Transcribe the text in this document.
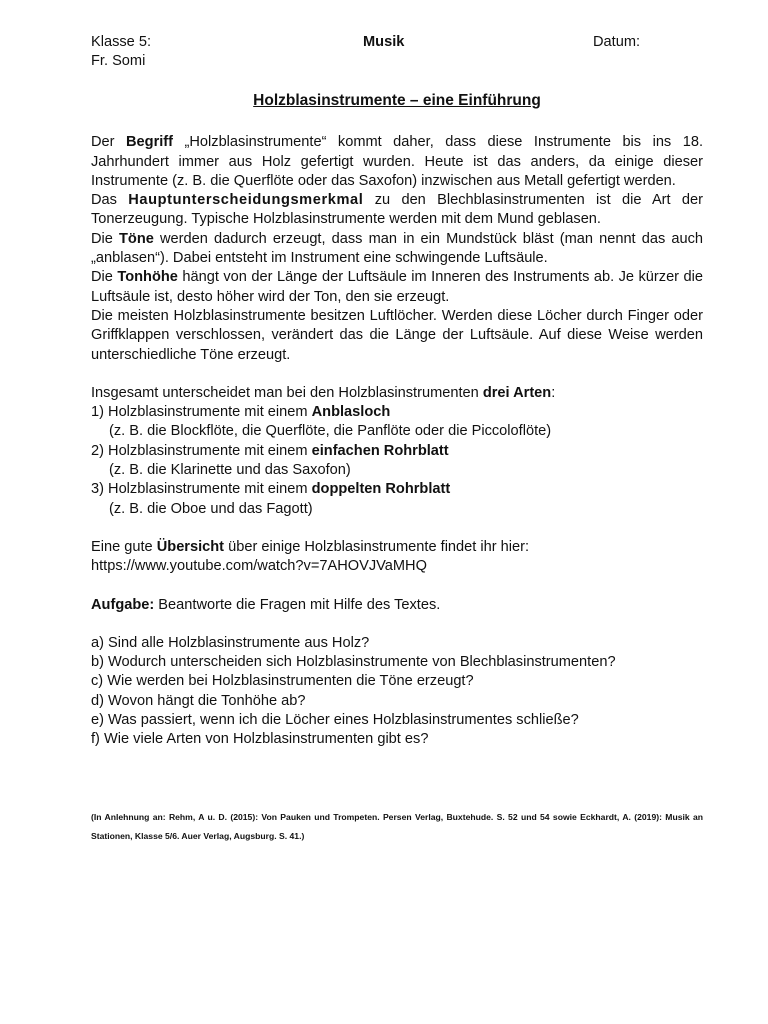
Klasse 5:
Fr. Somi
Musik	Datum:
Holzblasinstrumente – eine Einführung

Der Begriff „Holzblasinstrumente“ kommt daher, dass diese Instrumente bis ins 18. Jahrhundert immer aus Holz gefertigt wurden. Heute ist das anders, da einige dieser Instrumente (z. B. die Querflöte oder das Saxofon) inzwischen aus Metall gefertigt werden.

Das Hauptunterscheidungsmerkmal zu den Blechblasinstrumenten ist die Art der Tonerzeugung. Typische Holzblasinstrumente werden mit dem Mund geblasen.

Die Töne werden dadurch erzeugt, dass man in ein Mundstück bläst (man nennt das auch „anblasen“). Dabei entsteht im Instrument eine schwingende Luftsäule.

Die Tonhöhe hängt von der Länge der Luftsäule im Inneren des Instruments ab. Je kürzer die Luftsäule ist, desto höher wird der Ton, den sie erzeugt.

Die meisten Holzblasinstrumente besitzen Luftlöcher. Werden diese Löcher durch Finger oder Griffklappen verschlossen, verändert das die Länge der Luftsäule. Auf diese Weise werden unterschiedliche Töne erzeugt.

Insgesamt unterscheidet man bei den Holzblasinstrumenten drei Arten:

1) Holzblasinstrumente mit einem Anblasloch

(z. B. die Blockflöte, die Querflöte, die Panflöte oder die Piccoloflöte)

2) Holzblasinstrumente mit einem einfachen Rohrblatt

(z. B. die Klarinette und das Saxofon)

3) Holzblasinstrumente mit einem doppelten Rohrblatt

(z. B. die Oboe und das Fagott)

Eine gute Übersicht über einige Holzblasinstrumente findet ihr hier:

https://www.youtube.com/watch?v=7AHOVJVaMHQ

Aufgabe: Beantworte die Fragen mit Hilfe des Textes.

a) Sind alle Holzblasinstrumente aus Holz?

b) Wodurch unterscheiden sich Holzblasinstrumente von Blechblasinstrumenten?

c) Wie werden bei Holzblasinstrumenten die Töne erzeugt?

d) Wovon hängt die Tonhöhe ab?

e) Was passiert, wenn ich die Löcher eines Holzblasinstrumentes schließe?

f) Wie viele Arten von Holzblasinstrumenten gibt es?

(In Anlehnung an: Rehm, A u. D. (2015): Von Pauken und Trompeten. Persen Verlag, Buxtehude. S. 52 und 54 sowie Eckhardt, A. (2019): Musik an Stationen, Klasse 5/6. Auer Verlag, Augsburg. S. 41.)
